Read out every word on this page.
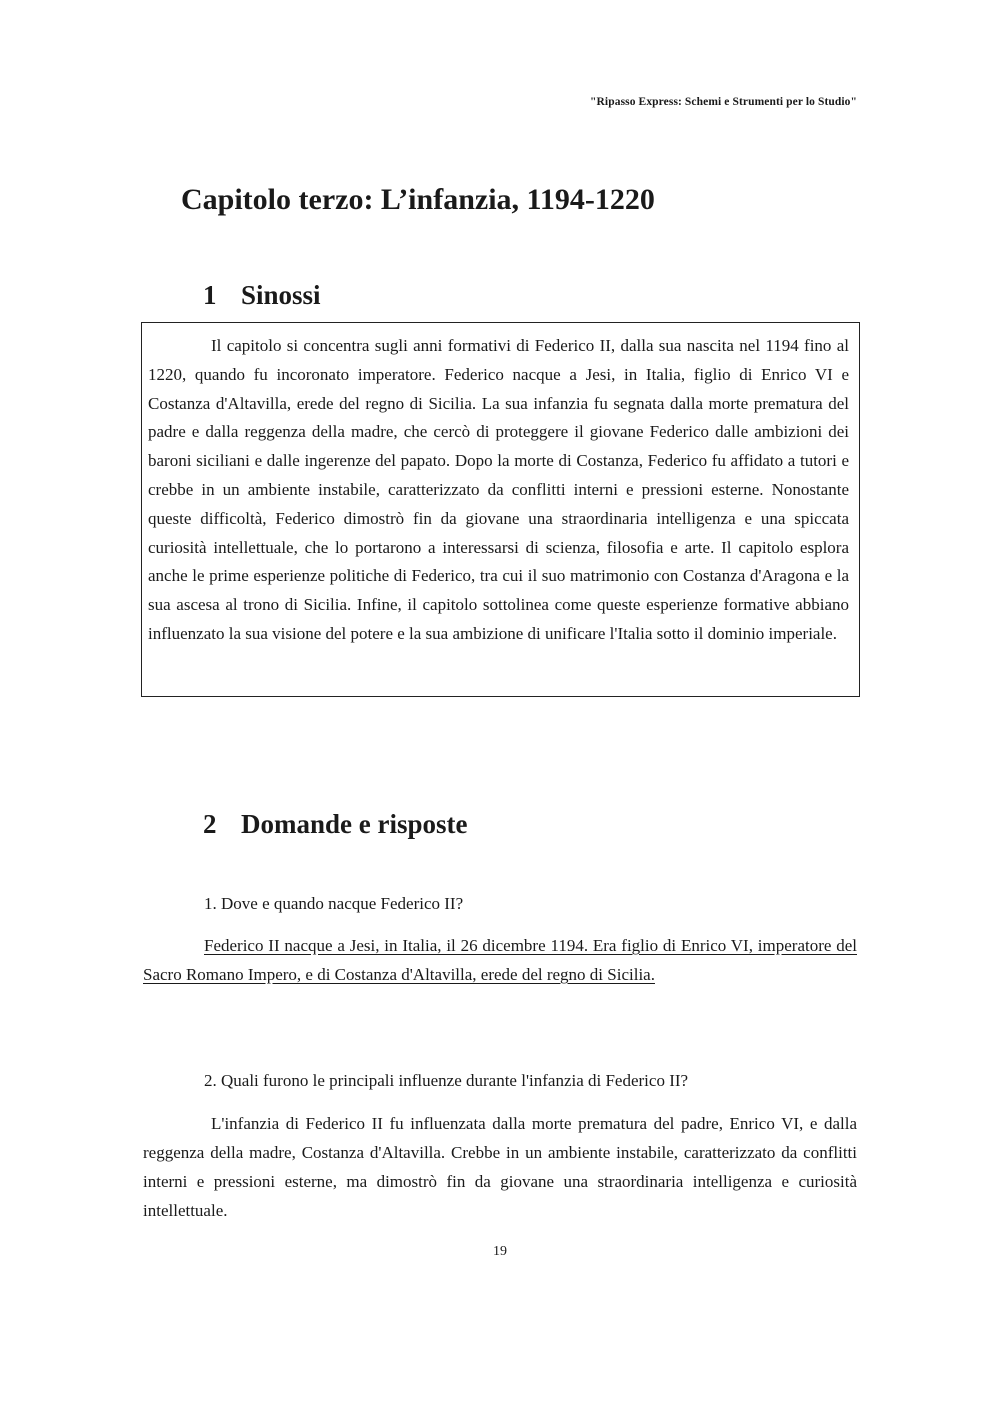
"Ripasso Express: Schemi e Strumenti per lo Studio"
Capitolo terzo: L’infanzia, 1194-1220
1 Sinossi

Il capitolo si concentra sugli anni formativi di Federico II, dalla sua nascita nel 1194 fino al 1220, quando fu incoronato imperatore. Federico nacque a Jesi, in Italia, figlio di Enrico VI e Costanza d'Altavilla, erede del regno di Sicilia. La sua infanzia fu segnata dalla morte prematura del padre e dalla reggenza della madre, che cercò di proteggere il giovane Federico dalle ambizioni dei baroni siciliani e dalle ingerenze del papato. Dopo la morte di Costanza, Federico fu affidato a tutori e crebbe in un ambiente instabile, caratterizzato da conflitti interni e pressioni esterne. Nonostante queste difficoltà, Federico dimostrò fin da giovane una straordinaria intelligenza e una spiccata curiosità intellettuale, che lo portarono a interessarsi di scienza, filosofia e arte. Il capitolo esplora anche le prime esperienze politiche di Federico, tra cui il suo matrimonio con Costanza d'Aragona e la sua ascesa al trono di Sicilia. Infine, il capitolo sottolinea come queste esperienze formative abbiano influenzato la sua visione del potere e la sua ambizione di unificare l'Italia sotto il dominio imperiale.

2 Domande e risposte

1. Dove e quando nacque Federico II?

Federico II nacque a Jesi, in Italia, il 26 dicembre 1194. Era figlio di Enrico VI, imperatore del Sacro Romano Impero, e di Costanza d'Altavilla, erede del regno di Sicilia.

2. Quali furono le principali influenze durante l'infanzia di Federico II?

L'infanzia di Federico II fu influenzata dalla morte prematura del padre, Enrico VI, e dalla reggenza della madre, Costanza d'Altavilla. Crebbe in un ambiente instabile, caratterizzato da conflitti interni e pressioni esterne, ma dimostrò fin da giovane una straordinaria intelligenza e curiosità intellettuale.

19
